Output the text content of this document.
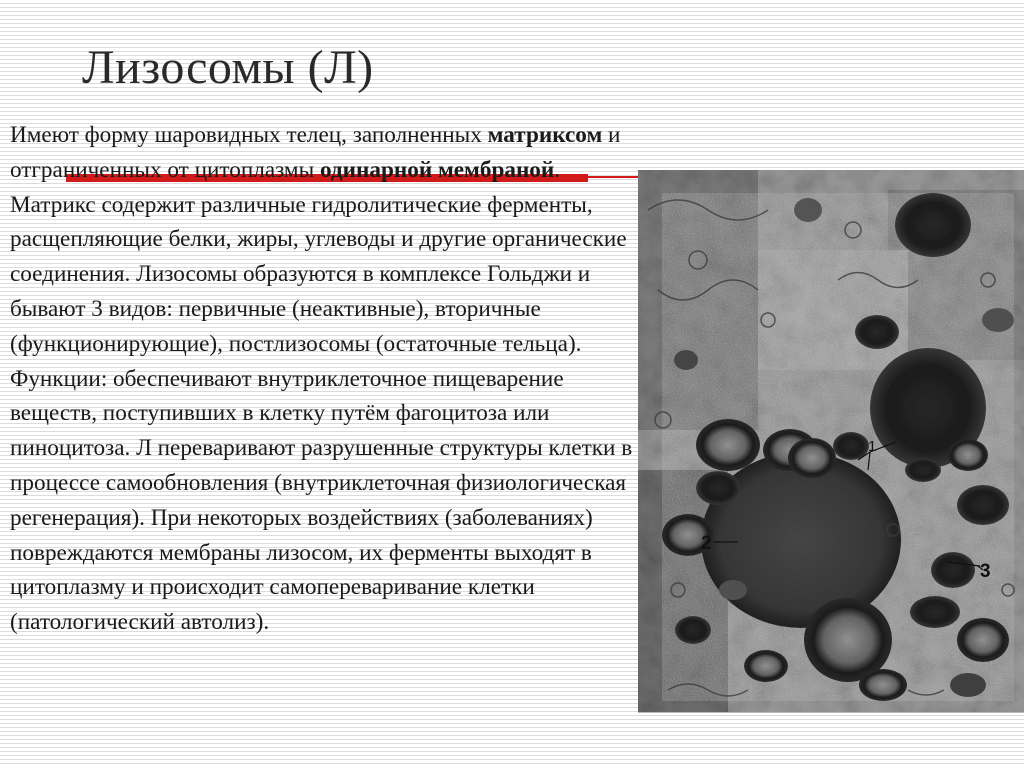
Лизосомы (Л)

Имеют форму шаровидных телец, заполненных матриксом и отграниченных от цитоплазмы одинарной мембраной. Матрикс содержит различные гидролитические ферменты, расщепляющие белки, жиры, углеводы и другие органические соединения. Лизосомы образуются в комплексе Гольджи и бывают 3 видов: первичные (неактивные), вторичные (функционирующие), постлизосомы (остаточные тельца).
Функции: обеспечивают внутриклеточное пищеварение веществ, поступивших в клетку путём фагоцитоза или пиноцитоза. Л переваривают разрушенные структуры клетки в процессе самообновления (внутриклеточная физиологическая регенерация). При некоторых воздействиях (заболеваниях) повреждаются мембраны лизосом, их ферменты выходят в цитоплазму и происходит самопереваривание клетки (патологический автолиз).

1
2
3
